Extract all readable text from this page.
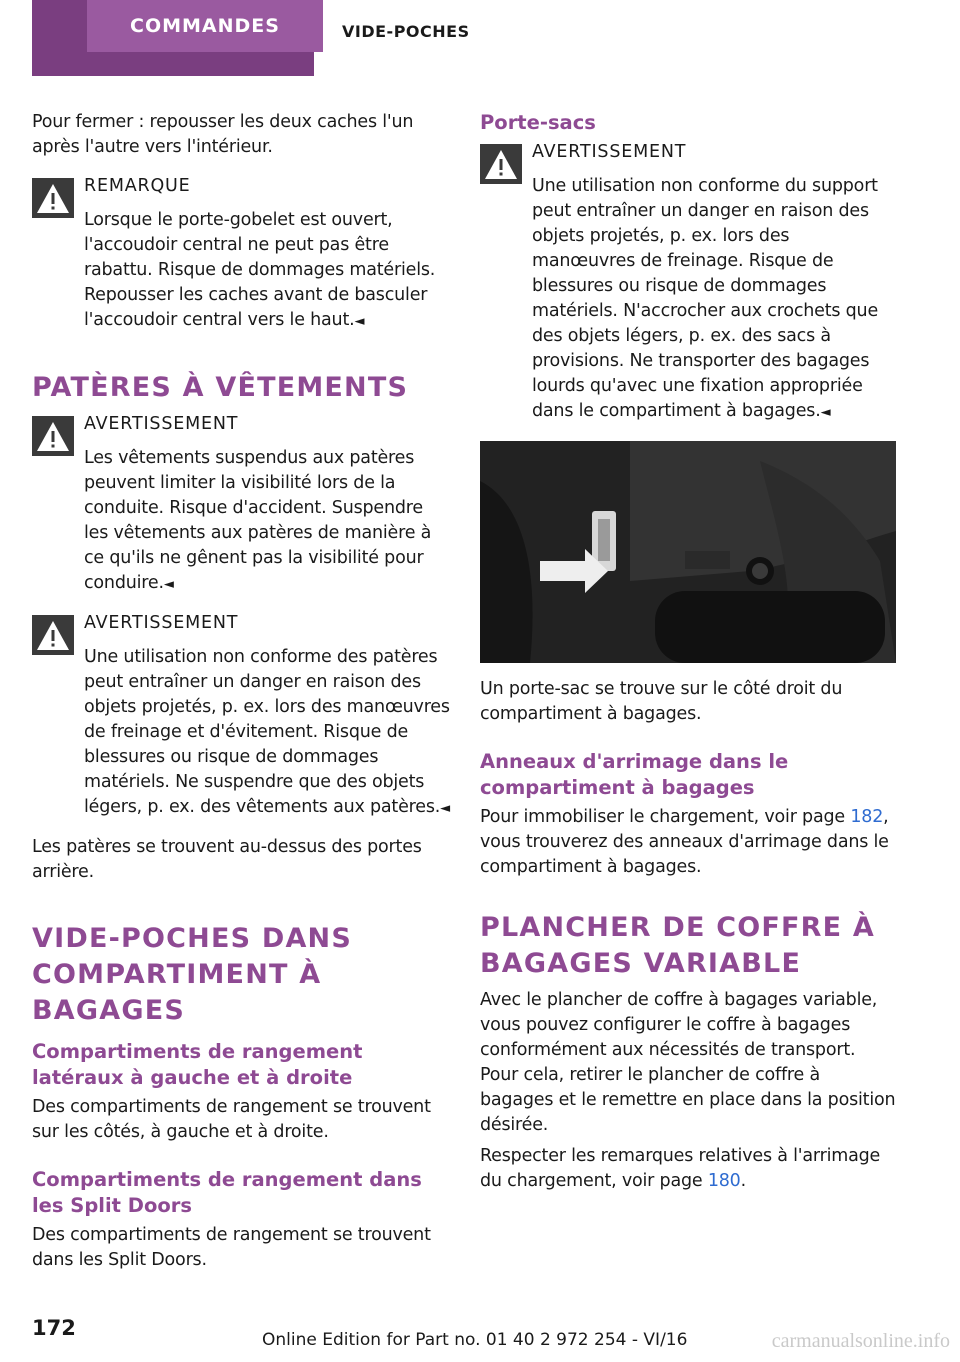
COMMANDES	VIDE-POCHES

Pour fermer : repousser les deux caches l'un après l'autre vers l'intérieur.

REMARQUE
Lorsque le porte-gobelet est ouvert, l'accoudoir central ne peut pas être rabattu. Risque de dommages matériels. Repousser les caches avant de basculer l'accoudoir central vers le haut.◄
PATÈRES À VÊTEMENTS
AVERTISSEMENT
Les vêtements suspendus aux patères peuvent limiter la visibilité lors de la conduite. Risque d'accident. Suspendre les vêtements aux patères de manière à ce qu'ils ne gênent pas la visibilité pour conduire.◄
AVERTISSEMENT
Une utilisation non conforme des patères peut entraîner un danger en raison des objets projetés, p. ex. lors des manœuvres de freinage et d'évitement. Risque de blessures ou risque de dommages matériels. Ne suspendre que des objets légers, p. ex. des vêtements aux patères.◄

Les patères se trouvent au-dessus des portes arrière.

VIDE-POCHES DANS COMPARTIMENT À BAGAGES
Compartiments de rangement latéraux à gauche et à droite

Des compartiments de rangement se trouvent sur les côtés, à gauche et à droite.

Compartiments de rangement dans les Split Doors

Des compartiments de rangement se trouvent dans les Split Doors.

Porte-sacs
AVERTISSEMENT
Une utilisation non conforme du support peut entraîner un danger en raison des objets projetés, p. ex. lors des manœuvres de freinage. Risque de blessures ou risque de dommages matériels. N'accrocher aux crochets que des objets légers, p. ex. des sacs à provisions. Ne transporter des bagages lourds qu'avec une fixation appropriée dans le compartiment à bagages.◄

Un porte-sac se trouve sur le côté droit du compartiment à bagages.

Anneaux d'arrimage dans le compartiment à bagages

Pour immobiliser le chargement, voir page 182, vous trouverez des anneaux d'arrimage dans le compartiment à bagages.

PLANCHER DE COFFRE À BAGAGES VARIABLE

Avec le plancher de coffre à bagages variable, vous pouvez configurer le coffre à bagages conformément aux nécessités de transport. Pour cela, retirer le plancher de coffre à bagages et le remettre en place dans la position désirée.

Respecter les remarques relatives à l'arrimage du chargement, voir page 180.

172	Online Edition for Part no. 01 40 2 972 254 - VI/16	carmanualsonline.info
